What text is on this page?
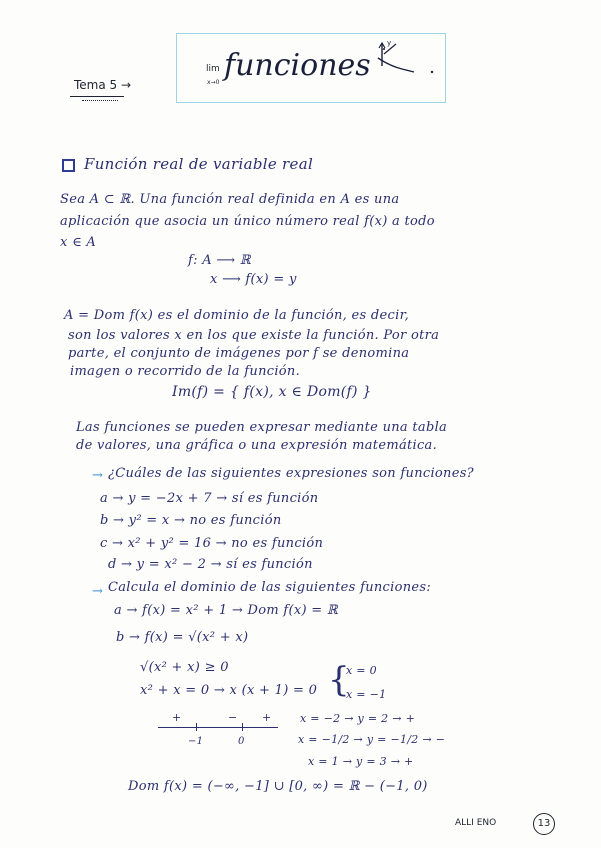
Tema 5 →
lim
x→0 funciones
y
Función real de variable real
Sea A ⊂ ℝ. Una función real definida en A es una
aplicación que asocia un único número real f(x) a todo
x ∈ A
f: A ⟶ ℝ
x ⟶ f(x) = y
A = Dom f(x) es el dominio de la función, es decir,
son los valores x en los que existe la función. Por otra
parte, el conjunto de imágenes por f se denomina
imagen o recorrido de la función.
Im(f) = { f(x), x ∈ Dom(f) }
Las funciones se pueden expresar mediante una tabla
de valores, una gráfica o una expresión matemática.
→ ¿Cuáles de las siguientes expresiones son funciones?
a → y = −2x + 7 → sí es función
b → y² = x → no es función
c → x² + y² = 16 → no es función
d → y = x² − 2 → sí es función
→ Calcula el dominio de las siguientes funciones:
a → f(x) = x² + 1 → Dom f(x) = ℝ
b → f(x) = √(x² + x)
√(x² + x) ≥ 0
x² + x = 0 → x (x + 1) = 0 {
x = 0
x = −1
+	− +
−1	0
x = −2 → y = 2 → +
x = −1/2 → y = −1/2 → −
x = 1 → y = 3 → +
Dom f(x) = (−∞, −1] ∪ [0, ∞) = ℝ − (−1, 0)
ALLI ENO	13
